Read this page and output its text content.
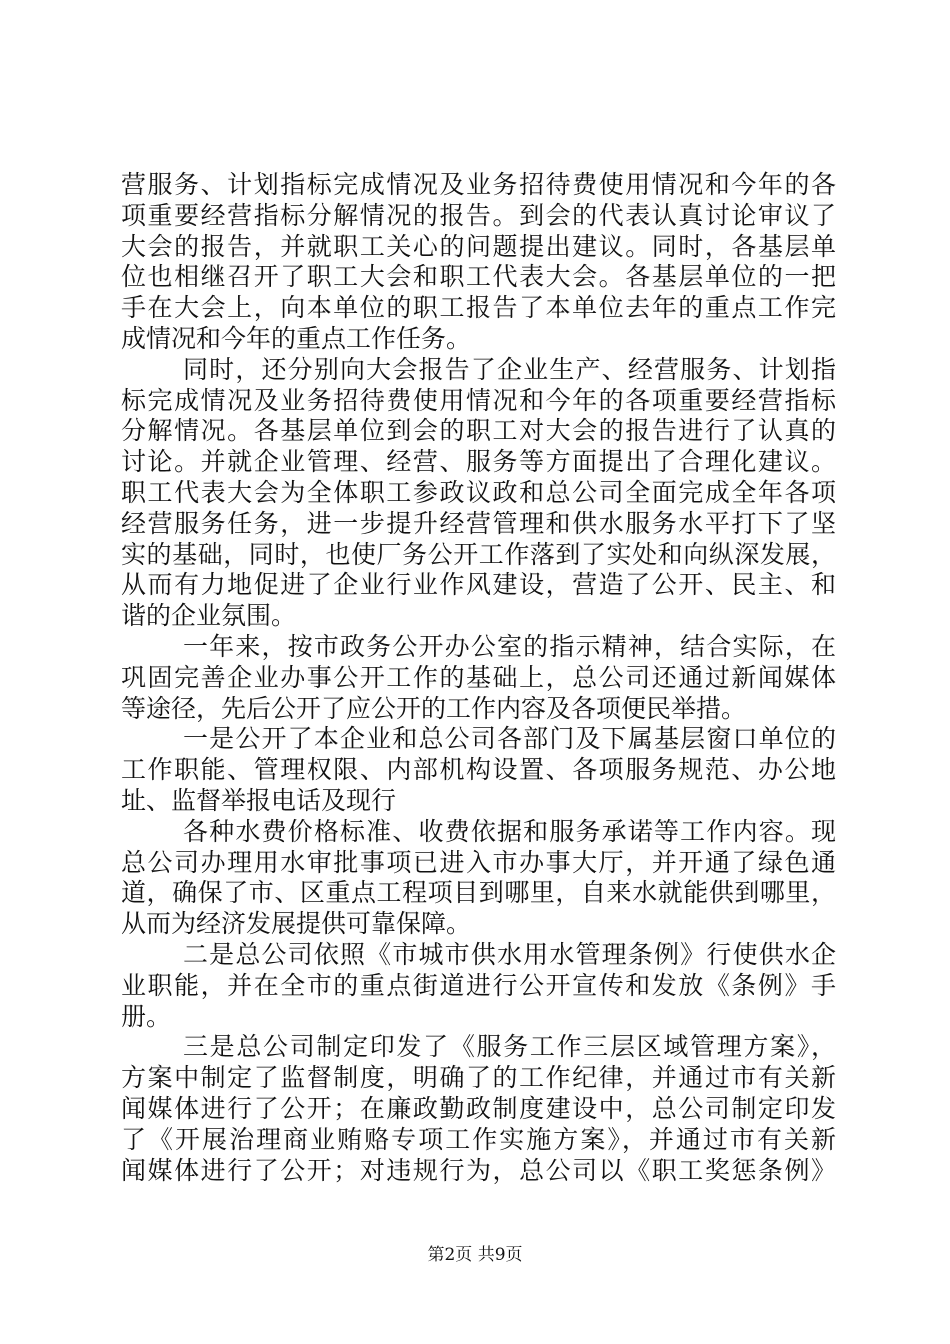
营服务、计划指标完成情况及业务招待费使用情况和今年的各
项重要经营指标分解情况的报告。到会的代表认真讨论审议了
大会的报告，并就职工关心的问题提出建议。同时，各基层单
位也相继召开了职工大会和职工代表大会。各基层单位的一把
手在大会上，向本单位的职工报告了本单位去年的重点工作完
成情况和今年的重点工作任务。
同时，还分别向大会报告了企业生产、经营服务、计划指
标完成情况及业务招待费使用情况和今年的各项重要经营指标
分解情况。各基层单位到会的职工对大会的报告进行了认真的
讨论。并就企业管理、经营、服务等方面提出了合理化建议。
职工代表大会为全体职工参政议政和总公司全面完成全年各项
经营服务任务，进一步提升经营管理和供水服务水平打下了坚
实的基础，同时，也使厂务公开工作落到了实处和向纵深发展，
从而有力地促进了企业行业作风建设，营造了公开、民主、和
谐的企业氛围。
一年来，按市政务公开办公室的指示精神，结合实际，在
巩固完善企业办事公开工作的基础上，总公司还通过新闻媒体
等途径，先后公开了应公开的工作内容及各项便民举措。
一是公开了本企业和总公司各部门及下属基层窗口单位的
工作职能、管理权限、内部机构设置、各项服务规范、办公地
址、监督举报电话及现行
各种水费价格标准、收费依据和服务承诺等工作内容。现
总公司办理用水审批事项已进入市办事大厅，并开通了绿色通
道，确保了市、区重点工程项目到哪里，自来水就能供到哪里，
从而为经济发展提供可靠保障。
二是总公司依照《市城市供水用水管理条例》行使供水企
业职能，并在全市的重点街道进行公开宣传和发放《条例》手
册。
三是总公司制定印发了《服务工作三层区域管理方案》，
方案中制定了监督制度，明确了的工作纪律，并通过市有关新
闻媒体进行了公开；在廉政勤政制度建设中，总公司制定印发
了《开展治理商业贿赂专项工作实施方案》，并通过市有关新
闻媒体进行了公开；对违规行为，总公司以《职工奖惩条例》
第2页 共9页
